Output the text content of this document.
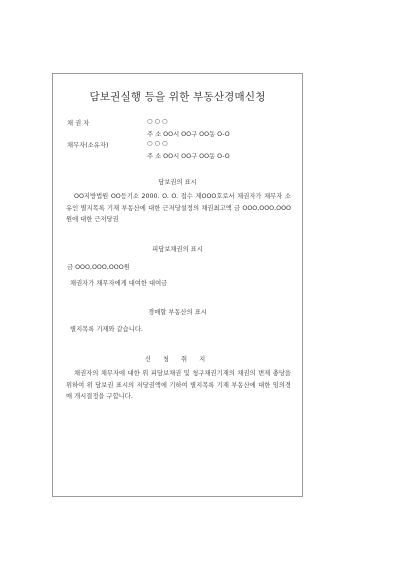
담보권실행 등을 위한 부동산경매신청
채 권 자	○ ○ ○
주 소 OO시 OO구 OO동 O-O
채무자(소유자)	○ ○ ○
주 소 OO시 OO구 OO동 O-O
담보권의 표시
OO지방법원 OO등기소 2000. O. O. 접수 제OOO호로서 채권자가 채무자 소유인 별지목록 기재 부동산에 대한 근저당설정의 채권최고액 금 OOO,OOO,OOO원에 대한 근저당권
피담보채권의 표시
금 OOO,OOO,OOO원
채권자가 채무자에게 대여한 대여금
경매할 부동산의 표시
별지목록 기재와 같습니다.
신 청 취 지
채권자의 채무자에 대한 위 피담보채권 및 청구채권기재의 채권의 변제 충당을 위하여 위 담보권 표시의 저당권액에 기하여 별지목록 기재 부동산에 대한 임의경매 개시결정을 구합니다.
